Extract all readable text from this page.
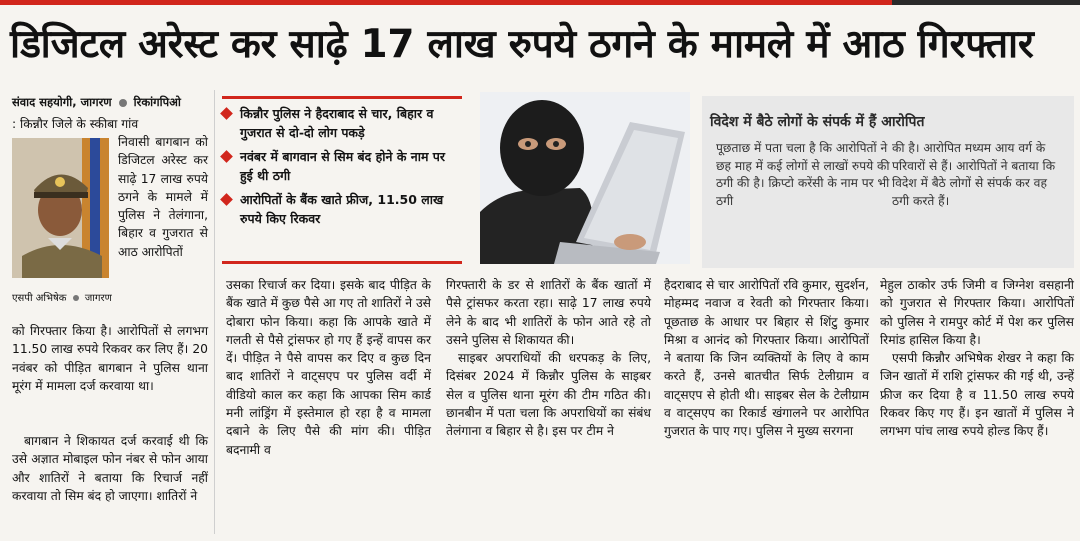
डिजिटल अरेस्ट कर साढ़े 17 लाख रुपये ठगने के मामले में आठ गिरफ्तार
संवाद सहयोगी, जागरण रिकांगपिओ

: किन्नौर जिले के स्कीबा गांव

एसपी अभिषेक जागरण

निवासी बागबान को डिजिटल अरेस्ट कर साढ़े 17 लाख रुपये ठगने के मामले में पुलिस ने तेलंगाना, बिहार व गुजरात से आठ आरोपितों

को गिरफ्तार किया है। आरोपितों से लगभग 11.50 लाख रुपये रिकवर कर लिए हैं। 20 नवंबर को पीड़ित बागबान ने पुलिस थाना मूरंग में मामला दर्ज करवाया था।

बागबान ने शिकायत दर्ज करवाई थी कि उसे अज्ञात मोबाइल फोन नंबर से फोन आया और शातिरों ने बताया कि रिचार्ज नहीं करवाया तो सिम बंद हो जाएगा। शातिरों ने

किन्नौर पुलिस ने हैदराबाद से चार, बिहार व गुजरात से दो-दो लोग पकड़े
नवंबर में बागवान से सिम बंद होने के नाम पर हुई थी ठगी
आरोपितों के बैंक खाते फ्रीज, 11.50 लाख रुपये किए रिकवर
विदेश में बैठे लोगों के संपर्क में हैं आरोपित
पूछताछ में पता चला है कि आरोपितों ने छह माह में कई लोगों से लाखों रुपये की ठगी की है। क्रिप्टो करेंसी के नाम पर भी ठगी
की है। आरोपित मध्यम आय वर्ग के परिवारों से हैं। आरोपितों ने बताया कि विदेश में बैठे लोगों से संपर्क कर वह ठगी करते हैं।

उसका रिचार्ज कर दिया। इसके बाद पीड़ित के बैंक खाते में कुछ पैसे आ गए तो शातिरों ने उसे दोबारा फोन किया। कहा कि आपके खाते में गलती से पैसे ट्रांसफर हो गए हैं इन्हें वापस कर दें। पीड़ित ने पैसे वापस कर दिए व कुछ दिन बाद शातिरों ने वाट्सएप पर पुलिस वर्दी में वीडियो काल कर कहा कि आपका सिम कार्ड मनी लांड्रिंग में इस्तेमाल हो रहा है व मामला दबाने के लिए पैसे की मांग की। पीड़ित बदनामी व

गिरफ्तारी के डर से शातिरों के बैंक खातों में पैसे ट्रांसफर करता रहा। साढ़े 17 लाख रुपये लेने के बाद भी शातिरों के फोन आते रहे तो उसने पुलिस से शिकायत की।

साइबर अपराधियों की धरपकड़ के लिए, दिसंबर 2024 में किन्नौर पुलिस के साइबर सेल व पुलिस थाना मूरंग की टीम गठित की। छानबीन में पता चला कि अपराधियों का संबंध तेलंगाना व बिहार से है। इस पर टीम ने

हैदराबाद से चार आरोपितों रवि कुमार, सुदर्शन, मोहम्मद नवाज व रेवती को गिरफ्तार किया। पूछताछ के आधार पर बिहार से शिंटु कुमार मिश्रा व आनंद को गिरफ्तार किया। आरोपितों ने बताया कि जिन व्यक्तियों के लिए वे काम करते हैं, उनसे बातचीत सिर्फ टेलीग्राम व वाट्सएप से होती थी। साइबर सेल के टेलीग्राम व वाट्सएप का रिकार्ड खंगालने पर आरोपित गुजरात के पाए गए। पुलिस ने मुख्य सरगना

मेहुल ठाकोर उर्फ जिमी व जिग्नेश वसहानी को गुजरात से गिरफ्तार किया। आरोपितों को पुलिस ने रामपुर कोर्ट में पेश कर पुलिस रिमांड हासिल किया है।

एसपी किन्नौर अभिषेक शेखर ने कहा कि जिन खातों में राशि ट्रांसफर की गई थी, उन्हें फ्रीज कर दिया है व 11.50 लाख रुपये रिकवर किए गए हैं। इन खातों में पुलिस ने लगभग पांच लाख रुपये होल्ड किए हैं।
